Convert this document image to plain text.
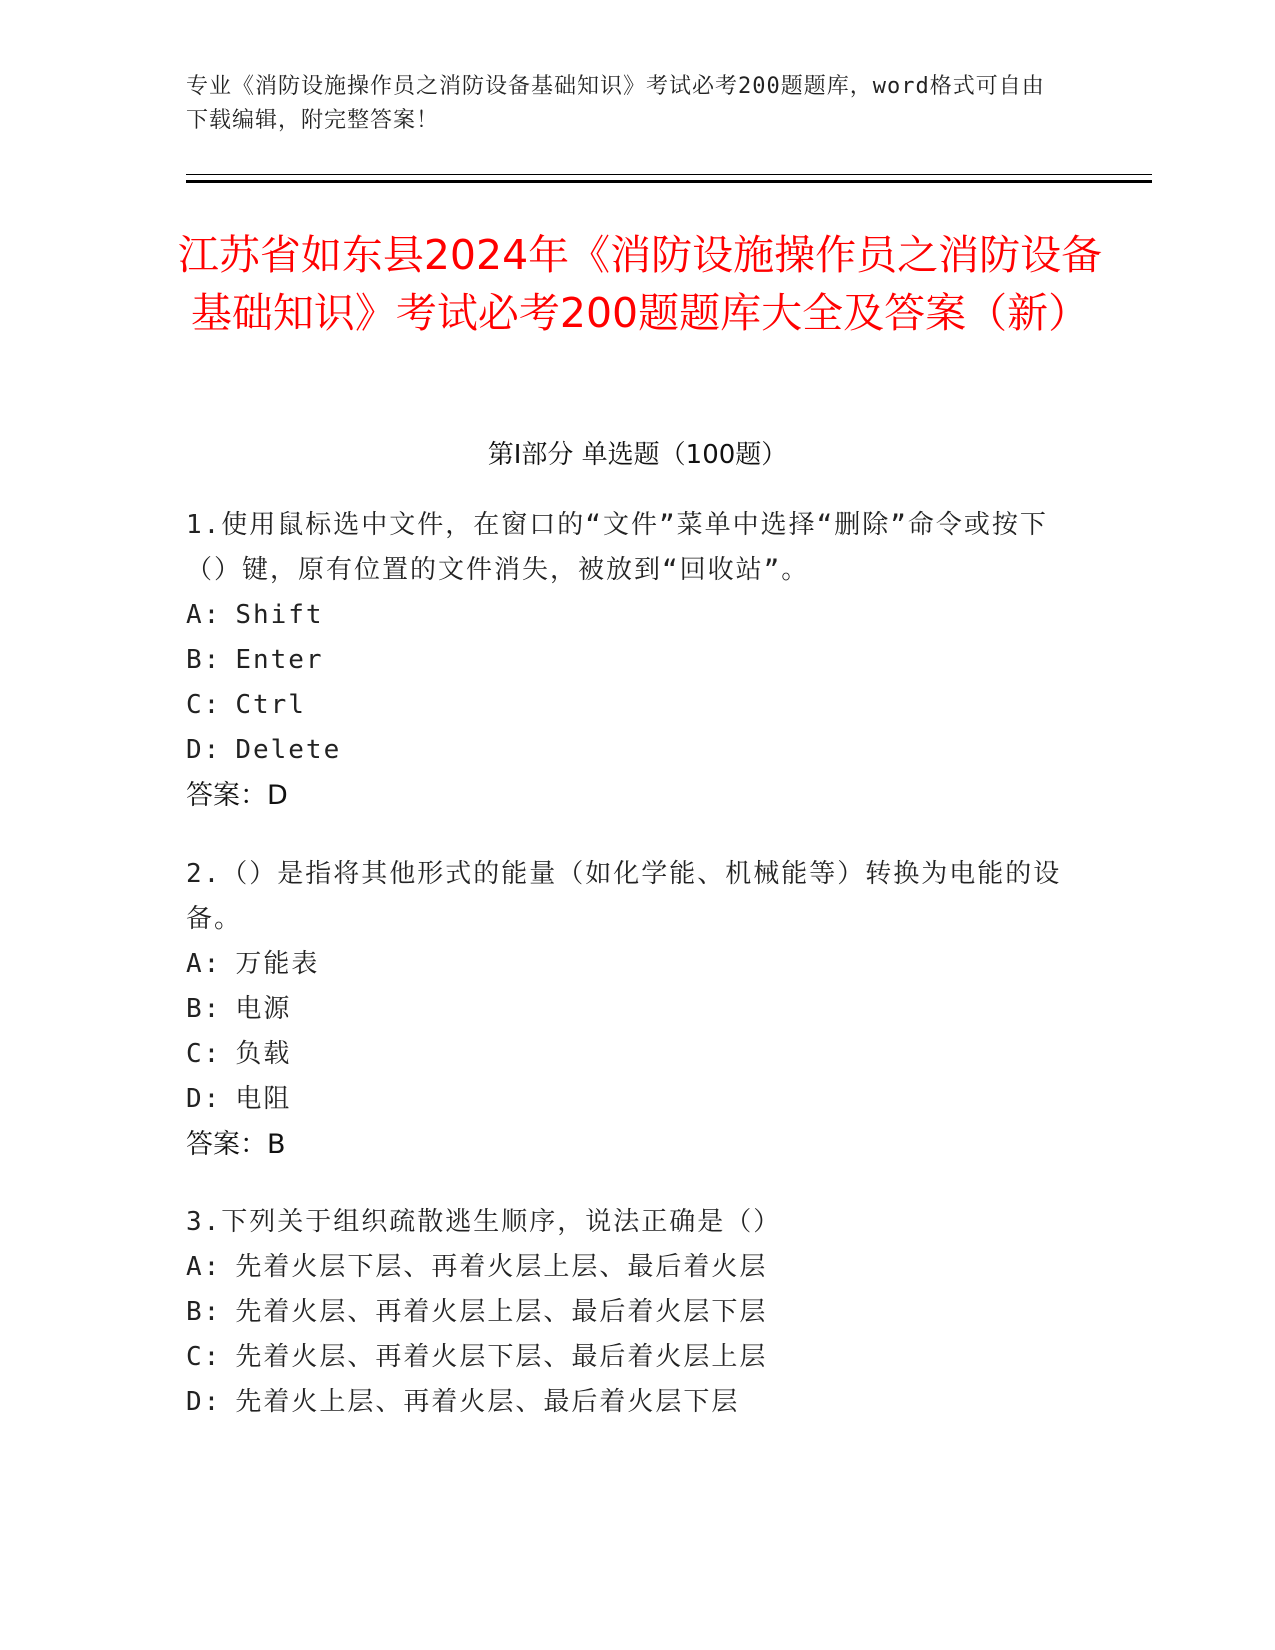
专业《消防设施操作员之消防设备基础知识》考试必考200题题库，word格式可自由下载编辑，附完整答案！
江苏省如东县2024年《消防设施操作员之消防设备基础知识》考试必考200题题库大全及答案（新）
第I部分 单选题（100题）
1.使用鼠标选中文件，在窗口的“文件”菜单中选择“删除”命令或按下（）键，原有位置的文件消失，被放到“回收站”。
A: Shift
B: Enter
C: Ctrl
D: Delete
答案：D
2.（）是指将其他形式的能量（如化学能、机械能等）转换为电能的设备。
A: 万能表
B: 电源
C: 负载
D: 电阻
答案：B
3.下列关于组织疏散逃生顺序，说法正确是（）
A: 先着火层下层、再着火层上层、最后着火层
B: 先着火层、再着火层上层、最后着火层下层
C: 先着火层、再着火层下层、最后着火层上层
D: 先着火上层、再着火层、最后着火层下层
